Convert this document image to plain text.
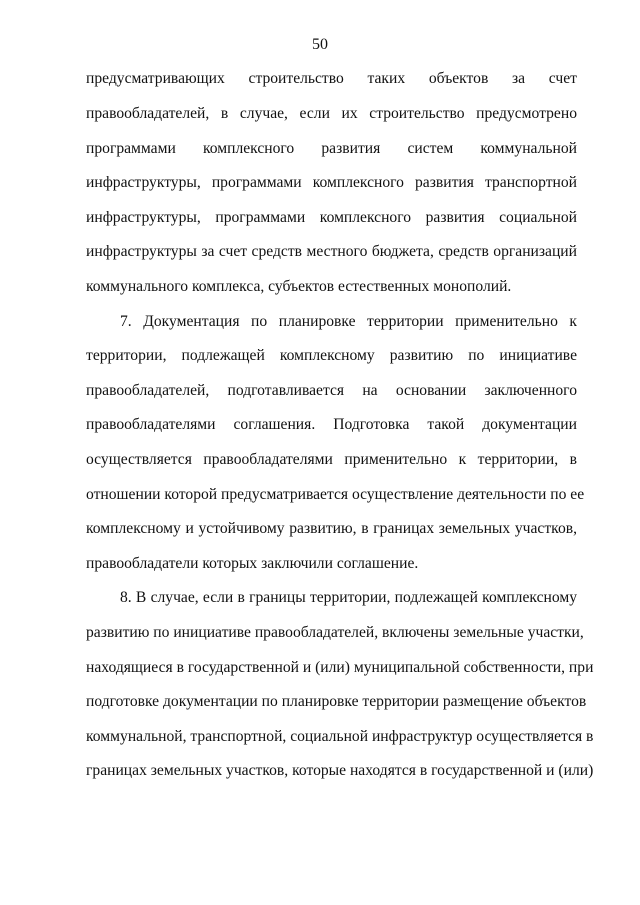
50
предусматривающих строительство таких объектов за счет
правообладателей, в случае, если их строительство предусмотрено
программами комплексного развития систем коммунальной
инфраструктуры, программами комплексного развития транспортной
инфраструктуры, программами комплексного развития социальной
инфраструктуры за счет средств местного бюджета, средств организаций
коммунального комплекса, субъектов естественных монополий.
7. Документация по планировке территории применительно к
территории, подлежащей комплексному развитию по инициативе
правообладателей, подготавливается на основании заключенного
правообладателями соглашения. Подготовка такой документации
осуществляется правообладателями применительно к территории, в
отношении которой предусматривается осуществление деятельности по ее
комплексному и устойчивому развитию, в границах земельных участков,
правообладатели которых заключили соглашение.
8. В случае, если в границы территории, подлежащей комплексному
развитию по инициативе правообладателей, включены земельные участки,
находящиеся в государственной и (или) муниципальной собственности, при
подготовке документации по планировке территории размещение объектов
коммунальной, транспортной, социальной инфраструктур осуществляется в
границах земельных участков, которые находятся в государственной и (или)
